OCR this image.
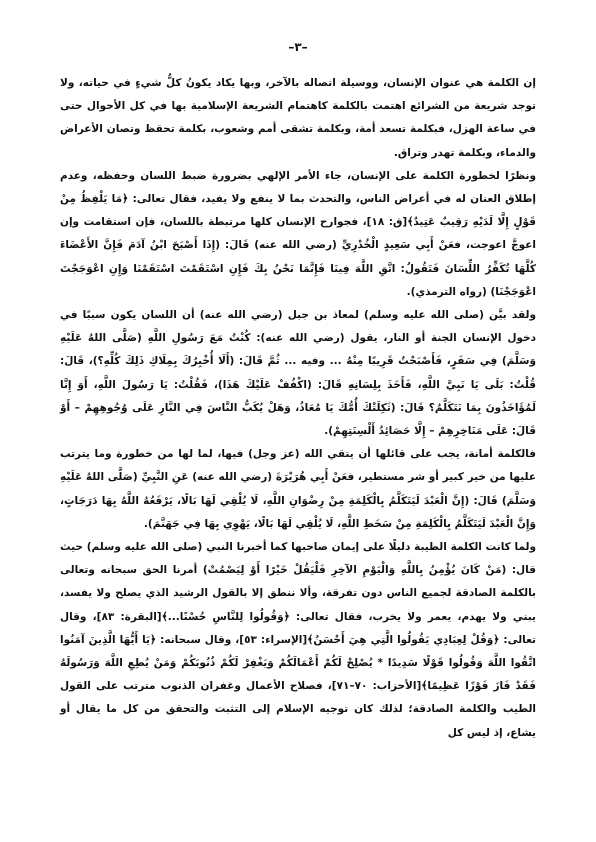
–٣–

إن الكلمة هي عنوان الإنسان، ووسيلة اتصاله بالآخر، وبها يكاد يكونُ كلُّ شيءٍ في حياته، ولا توجد شريعة من الشرائع اهتمت بالكلمة كاهتمام الشريعة الإسلامية بها في كل الأحوال حتى في ساعة الهزل، فبكلمة تسعد أمة، وبكلمة تشقى أمم وشعوب، بكلمة تحقظ وتصان الأعراض والدماء، وبكلمة تهدر وتراق.

ونظرًا لخطورة الكلمة على الإنسان، جاء الأمر الإلهي بضرورة ضبط اللسان وحفظه، وعدم إطلاق العنان له في أعراض الناس، والتحدث بما لا ينفع ولا يفيد، فقال تعالى: ﴿مَا يَلْفِظُ مِنْ قَوْلٍ إِلَّا لَدَيْهِ رَقِيبٌ عَتِيدٌ﴾[ق: ١٨]، فجوارح الإنسان كلها مرتبطة باللسان، فإن استقامت وإن اعوجَّ اعوجت، فعَنْ أَبِي سَعِيدٍ الْخُدْرِيِّ (رضي الله عنه) قَالَ: (إِذَا أَصْبَحَ ابْنُ آدَمَ فَإِنَّ الأَعْضَاءَ كُلَّهَا تُكَفِّرُ اللِّسَانَ فَتَقُولُ: اتَّقِ اللَّهَ فِينَا فَإِنَّمَا نَحْنُ بِكَ فَإِنِ اسْتَقَمْتَ اسْتَقَمْنَا وَإِنِ اعْوَجَجْتَ اعْوَجَجْنَا) (رواه الترمذي).

ولقد بيَّن (صلى الله عليه وسلم) لمعاذ بن جبل (رضي الله عنه) أن اللسان يكون سببًا في دخول الإنسان الجنة أو النار، يقول (رضي الله عنه): كُنْتُ مَعَ رَسُولِ اللَّهِ (صَلَّى اللهُ عَلَيْهِ وَسَلَّمَ) فِي سَفَرٍ، فَأَصْبَحْتُ قَرِيبًا مِنْهُ ... وفيه ... ثُمَّ قَالَ: (أَلَا أُخْبِرُكَ بِمِلَاكِ ذَلِكَ كُلِّهِ؟)، قَالَ: قُلْتُ: بَلَى يَا نَبِيَّ اللَّهِ، فَأَخَذَ بِلِسَانِهِ قَالَ: (اكْفُفْ عَلَيْكَ هَذَا)، فَقُلْتُ: يَا رَسُولَ اللَّهِ، أَوَ إِنَّا لَمُؤَاخَذُونَ بِمَا نَتَكَلَّمُ؟ قَالَ: (ثَكِلَتْكَ أُمُّكَ يَا مُعَاذُ، وَهَلْ يُكَبُّ النَّاسَ فِي النَّارِ عَلَى وُجُوهِهِمْ – أَوْ قَالَ: عَلَى مَنَاخِرِهِمْ – إِلَّا حَصَائِدُ أَلْسِنَتِهِمْ).

فالكلمة أمانة، يجب على قائلها أن يتقي الله (عز وجل) فيها، لما لها من خطورة وما يترتب عليها من خير كبير أو شر مستطير، فعَنْ أَبِي هُرَيْرَةَ (رضي الله عنه) عَنِ النَّبِيِّ (صَلَّى اللهُ عَلَيْهِ وَسَلَّمَ) قَالَ: (إِنَّ الْعَبْدَ لَيَتَكَلَّمُ بِالْكَلِمَةِ مِنْ رِضْوَانِ اللَّهِ، لَا يُلْقِي لَهَا بَالًا، يَرْفَعُهُ اللَّهُ بِهَا دَرَجَاتٍ، وَإِنَّ الْعَبْدَ لَيَتَكَلَّمُ بِالْكَلِمَةِ مِنْ سَخَطِ اللَّهِ، لَا يُلْقِي لَهَا بَالًا، يَهْوِي بِهَا فِي جَهَنَّمَ).

ولما كانت الكلمة الطيبة دليلًا على إيمان صاحبها كما أخبرنا النبي (صلى الله عليه وسلم) حيث قال: (مَنْ كَانَ يُؤْمِنُ بِاللَّهِ وَالْيَوْمِ الآخِرِ فَلْيَقُلْ خَيْرًا أَوْ لِيَصْمُتْ) أمرنا الحق سبحانه وتعالى بالكلمة الصادقة لجميع الناس دون تفرقة، وألا ننطق إلا بالقول الرشيد الذي يصلح ولا يفسد، يبني ولا يهدم، يعمر ولا يخرب، فقال تعالى: ﴿وَقُولُوا لِلنَّاسِ حُسْنًا...﴾[البقرة: ٨٣]، وقال تعالى: ﴿وَقُلْ لِعِبَادِي يَقُولُوا الَّتِي هِيَ أَحْسَنُ﴾[الإسراء: ٥٣]، وقال سبحانه: ﴿يَا أَيُّهَا الَّذِينَ آمَنُوا اتَّقُوا اللَّهَ وَقُولُوا قَوْلًا سَدِيدًا * يُصْلِحْ لَكُمْ أَعْمَالَكُمْ وَيَغْفِرْ لَكُمْ ذُنُوبَكُمْ وَمَنْ يُطِعِ اللَّهَ وَرَسُولَهُ فَقَدْ فَازَ فَوْزًا عَظِيمًا﴾[الأحزاب: ٧٠–٧١]، فصلاح الأعمال وغفران الذنوب مترتب على القول الطيب والكلمة الصادقة؛ لذلك كان توجيه الإسلام إلى التثبت والتحقق من كل ما يقال أو يشاع، إذ ليس كل
